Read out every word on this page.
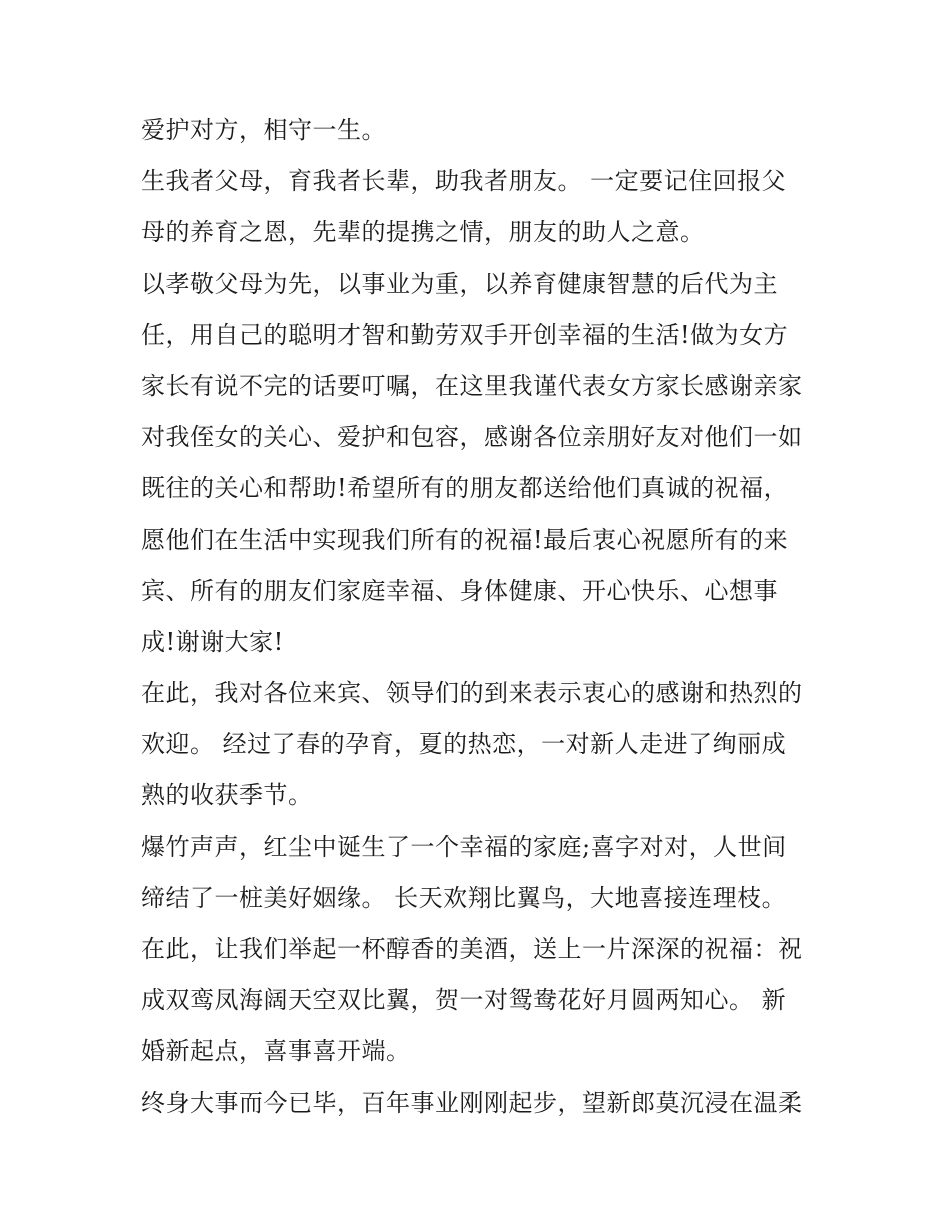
爱护对方，相守一生。
生我者父母，育我者长辈，助我者朋友。 一定要记住回报父
母的养育之恩，先辈的提携之情，朋友的助人之意。
以孝敬父母为先，以事业为重，以养育健康智慧的后代为主
任，用自己的聪明才智和勤劳双手开创幸福的生活!做为女方
家长有说不完的话要叮嘱，在这里我谨代表女方家长感谢亲家
对我侄女的关心、爱护和包容，感谢各位亲朋好友对他们一如
既往的关心和帮助!希望所有的朋友都送给他们真诚的祝福，
愿他们在生活中实现我们所有的祝福!最后衷心祝愿所有的来
宾、所有的朋友们家庭幸福、身体健康、开心快乐、心想事
成!谢谢大家!
在此，我对各位来宾、领导们的到来表示衷心的感谢和热烈的
欢迎。 经过了春的孕育，夏的热恋，一对新人走进了绚丽成
熟的收获季节。
爆竹声声，红尘中诞生了一个幸福的家庭;喜字对对，人世间
缔结了一桩美好姻缘。 长天欢翔比翼鸟，大地喜接连理枝。
在此，让我们举起一杯醇香的美酒，送上一片深深的祝福：祝
成双鸾凤海阔天空双比翼，贺一对鸳鸯花好月圆两知心。 新
婚新起点，喜事喜开端。
终身大事而今已毕，百年事业刚刚起步，望新郎莫沉浸在温柔
